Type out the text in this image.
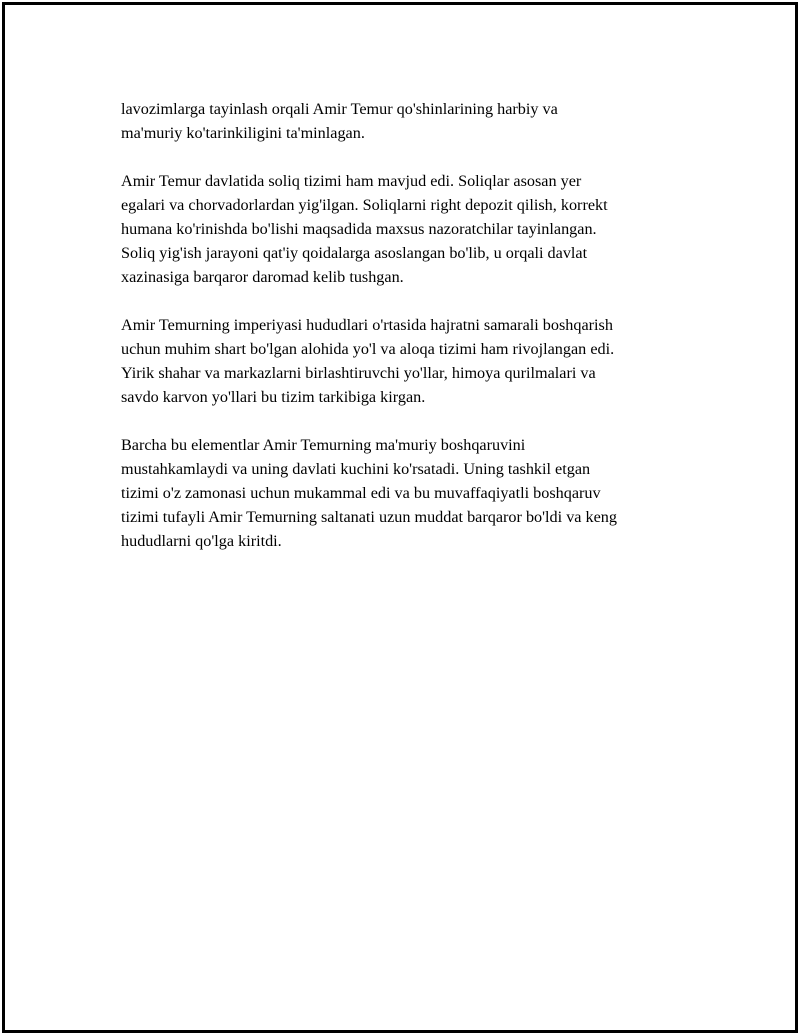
lavozimlarga tayinlash orqali Amir Temur qo'shinlarining harbiy va
ma'muriy ko'tarinkiligini ta'minlagan.

Amir Temur davlatida soliq tizimi ham mavjud edi. Soliqlar asosan yer
egalari va chorvadorlardan yig'ilgan. Soliqlarni right depozit qilish, korrekt
humana ko'rinishda bo'lishi maqsadida maxsus nazoratchilar tayinlangan.
Soliq yig'ish jarayoni qat'iy qoidalarga asoslangan bo'lib, u orqali davlat
xazinasiga barqaror daromad kelib tushgan.

Amir Temurning imperiyasi hududlari o'rtasida hajratni samarali boshqarish
uchun muhim shart bo'lgan alohida yo'l va aloqa tizimi ham rivojlangan edi.
Yirik shahar va markazlarni birlashtiruvchi yo'llar, himoya qurilmalari va
savdo karvon yo'llari bu tizim tarkibiga kirgan.

Barcha bu elementlar Amir Temurning ma'muriy boshqaruvini
mustahkamlaydi va uning davlati kuchini ko'rsatadi. Uning tashkil etgan
tizimi o'z zamonasi uchun mukammal edi va bu muvaffaqiyatli boshqaruv
tizimi tufayli Amir Temurning saltanati uzun muddat barqaror bo'ldi va keng
hududlarni qo'lga kiritdi.
